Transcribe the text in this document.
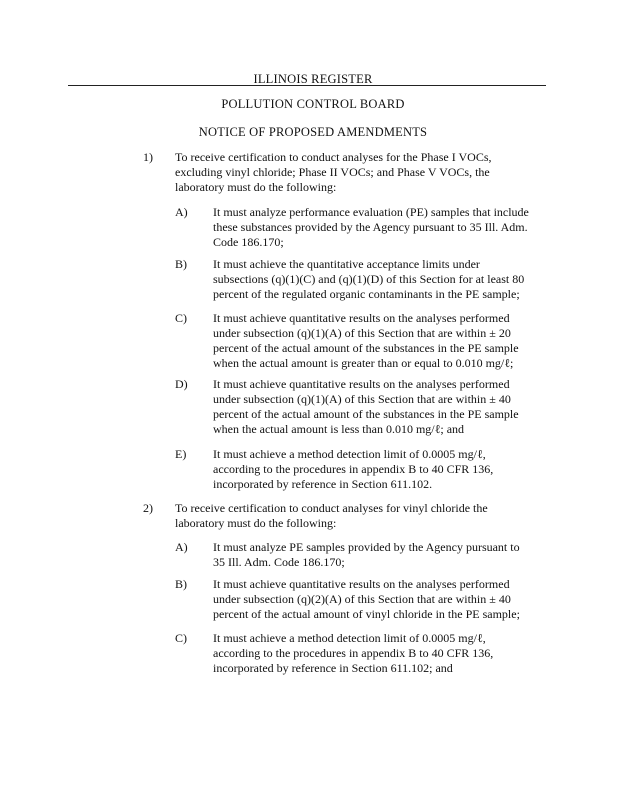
ILLINOIS REGISTER
POLLUTION CONTROL BOARD
NOTICE OF PROPOSED AMENDMENTS
1) To receive certification to conduct analyses for the Phase I VOCs, excluding vinyl chloride; Phase II VOCs; and Phase V VOCs, the laboratory must do the following:
A) It must analyze performance evaluation (PE) samples that include these substances provided by the Agency pursuant to 35 Ill. Adm. Code 186.170;
B) It must achieve the quantitative acceptance limits under subsections (q)(1)(C) and (q)(1)(D) of this Section for at least 80 percent of the regulated organic contaminants in the PE sample;
C) It must achieve quantitative results on the analyses performed under subsection (q)(1)(A) of this Section that are within ± 20 percent of the actual amount of the substances in the PE sample when the actual amount is greater than or equal to 0.010 mg/ℓ;
D) It must achieve quantitative results on the analyses performed under subsection (q)(1)(A) of this Section that are within ± 40 percent of the actual amount of the substances in the PE sample when the actual amount is less than 0.010 mg/ℓ; and
E) It must achieve a method detection limit of 0.0005 mg/ℓ, according to the procedures in appendix B to 40 CFR 136, incorporated by reference in Section 611.102.
2) To receive certification to conduct analyses for vinyl chloride the laboratory must do the following:
A) It must analyze PE samples provided by the Agency pursuant to 35 Ill. Adm. Code 186.170;
B) It must achieve quantitative results on the analyses performed under subsection (q)(2)(A) of this Section that are within ± 40 percent of the actual amount of vinyl chloride in the PE sample;
C) It must achieve a method detection limit of 0.0005 mg/ℓ, according to the procedures in appendix B to 40 CFR 136, incorporated by reference in Section 611.102; and
